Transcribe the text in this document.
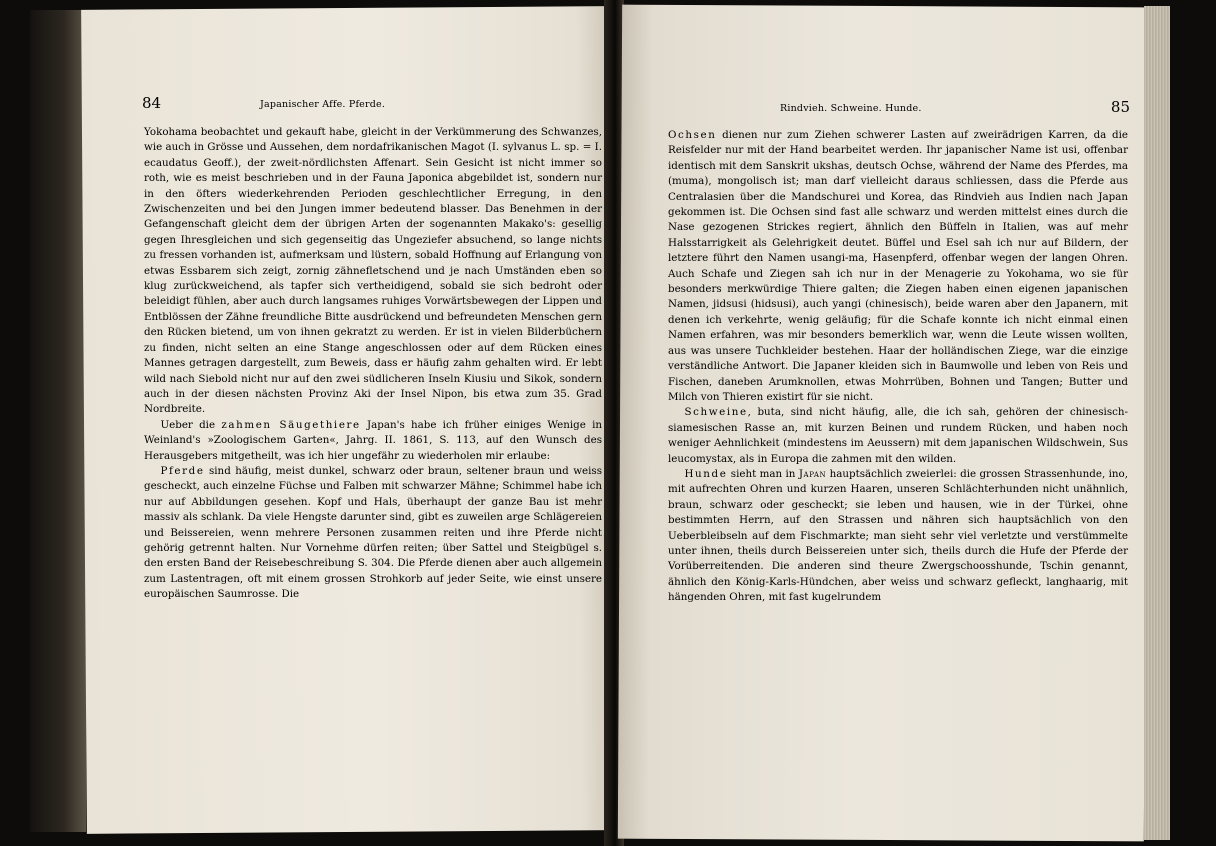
84	Japanischer Affe. Pferde.

Yokohama beobachtet und gekauft habe, gleicht in der Verkümmerung des Schwanzes, wie auch in Grösse und Aussehen, dem nordafrikanischen Magot (I. sylvanus L. sp. = I. ecaudatus Geoff.), der zweit-nördlichsten Affenart. Sein Gesicht ist nicht immer so roth, wie es meist beschrieben und in der Fauna Japonica abgebildet ist, sondern nur in den öfters wiederkehrenden Perioden geschlechtlicher Erregung, in den Zwischenzeiten und bei den Jungen immer bedeutend blasser. Das Benehmen in der Gefangenschaft gleicht dem der übrigen Arten der sogenannten Makako's: gesellig gegen Ihresgleichen und sich gegenseitig das Ungeziefer absuchend, so lange nichts zu fressen vorhanden ist, aufmerksam und lüstern, sobald Hoffnung auf Erlangung von etwas Essbarem sich zeigt, zornig zähnefletschend und je nach Umständen eben so klug zurückweichend, als tapfer sich vertheidigend, sobald sie sich bedroht oder beleidigt fühlen, aber auch durch langsames ruhiges Vorwärtsbewegen der Lippen und Entblössen der Zähne freundliche Bitte ausdrückend und befreundeten Menschen gern den Rücken bietend, um von ihnen gekratzt zu werden. Er ist in vielen Bilderbüchern zu finden, nicht selten an eine Stange angeschlossen oder auf dem Rücken eines Mannes getragen dargestellt, zum Beweis, dass er häufig zahm gehalten wird. Er lebt wild nach Siebold nicht nur auf den zwei südlicheren Inseln Kiusiu und Sikok, sondern auch in der diesen nächsten Provinz Aki der Insel Nipon, bis etwa zum 35. Grad Nordbreite.

Ueber die zahmen Säugethiere Japan's habe ich früher einiges Wenige in Weinland's »Zoologischem Garten«, Jahrg. II. 1861, S. 113, auf den Wunsch des Herausgebers mitgetheilt, was ich hier ungefähr zu wiederholen mir erlaube:

Pferde sind häufig, meist dunkel, schwarz oder braun, seltener braun und weiss gescheckt, auch einzelne Füchse und Falben mit schwarzer Mähne; Schimmel habe ich nur auf Abbildungen gesehen. Kopf und Hals, überhaupt der ganze Bau ist mehr massiv als schlank. Da viele Hengste darunter sind, gibt es zuweilen arge Schlägereien und Beissereien, wenn mehrere Personen zusammen reiten und ihre Pferde nicht gehörig getrennt halten. Nur Vornehme dürfen reiten; über Sattel und Steigbügel s. den ersten Band der Reisebeschreibung S. 304. Die Pferde dienen aber auch allgemein zum Lastentragen, oft mit einem grossen Strohkorb auf jeder Seite, wie einst unsere europäischen Saumrosse. Die

Rindvieh. Schweine. Hunde.	85

Ochsen dienen nur zum Ziehen schwerer Lasten auf zweirädrigen Karren, da die Reisfelder nur mit der Hand bearbeitet werden. Ihr japanischer Name ist usi, offenbar identisch mit dem Sanskrit ukshas, deutsch Ochse, während der Name des Pferdes, ma (muma), mongolisch ist; man darf vielleicht daraus schliessen, dass die Pferde aus Centralasien über die Mandschurei und Korea, das Rindvieh aus Indien nach Japan gekommen ist. Die Ochsen sind fast alle schwarz und werden mittelst eines durch die Nase gezogenen Strickes regiert, ähnlich den Büffeln in Italien, was auf mehr Halsstarrigkeit als Gelehrigkeit deutet. Büffel und Esel sah ich nur auf Bildern, der letztere führt den Namen usangi-ma, Hasenpferd, offenbar wegen der langen Ohren. Auch Schafe und Ziegen sah ich nur in der Menagerie zu Yokohama, wo sie für besonders merkwürdige Thiere galten; die Ziegen haben einen eigenen japanischen Namen, jidsusi (hidsusi), auch yangi (chinesisch), beide waren aber den Japanern, mit denen ich verkehrte, wenig geläufig; für die Schafe konnte ich nicht einmal einen Namen erfahren, was mir besonders bemerklich war, wenn die Leute wissen wollten, aus was unsere Tuchkleider bestehen. Haar der holländischen Ziege, war die einzige verständliche Antwort. Die Japaner kleiden sich in Baumwolle und leben von Reis und Fischen, daneben Arumknollen, etwas Mohrrüben, Bohnen und Tangen; Butter und Milch von Thieren existirt für sie nicht.

Schweine, buta, sind nicht häufig, alle, die ich sah, gehören der chinesisch-siamesischen Rasse an, mit kurzen Beinen und rundem Rücken, und haben noch weniger Aehnlichkeit (mindestens im Aeussern) mit dem japanischen Wildschwein, Sus leucomystax, als in Europa die zahmen mit den wilden.

Hunde sieht man in Japan hauptsächlich zweierlei: die grossen Strassenhunde, ino, mit aufrechten Ohren und kurzen Haaren, unseren Schlächterhunden nicht unähnlich, braun, schwarz oder gescheckt; sie leben und hausen, wie in der Türkei, ohne bestimmten Herrn, auf den Strassen und nähren sich hauptsächlich von den Ueberbleibseln auf dem Fischmarkte; man sieht sehr viel verletzte und verstümmelte unter ihnen, theils durch Beissereien unter sich, theils durch die Hufe der Pferde der Vorüberreitenden. Die anderen sind theure Zwergschoosshunde, Tschin genannt, ähnlich den König-Karls-Hündchen, aber weiss und schwarz gefleckt, langhaarig, mit hängenden Ohren, mit fast kugelrundem
